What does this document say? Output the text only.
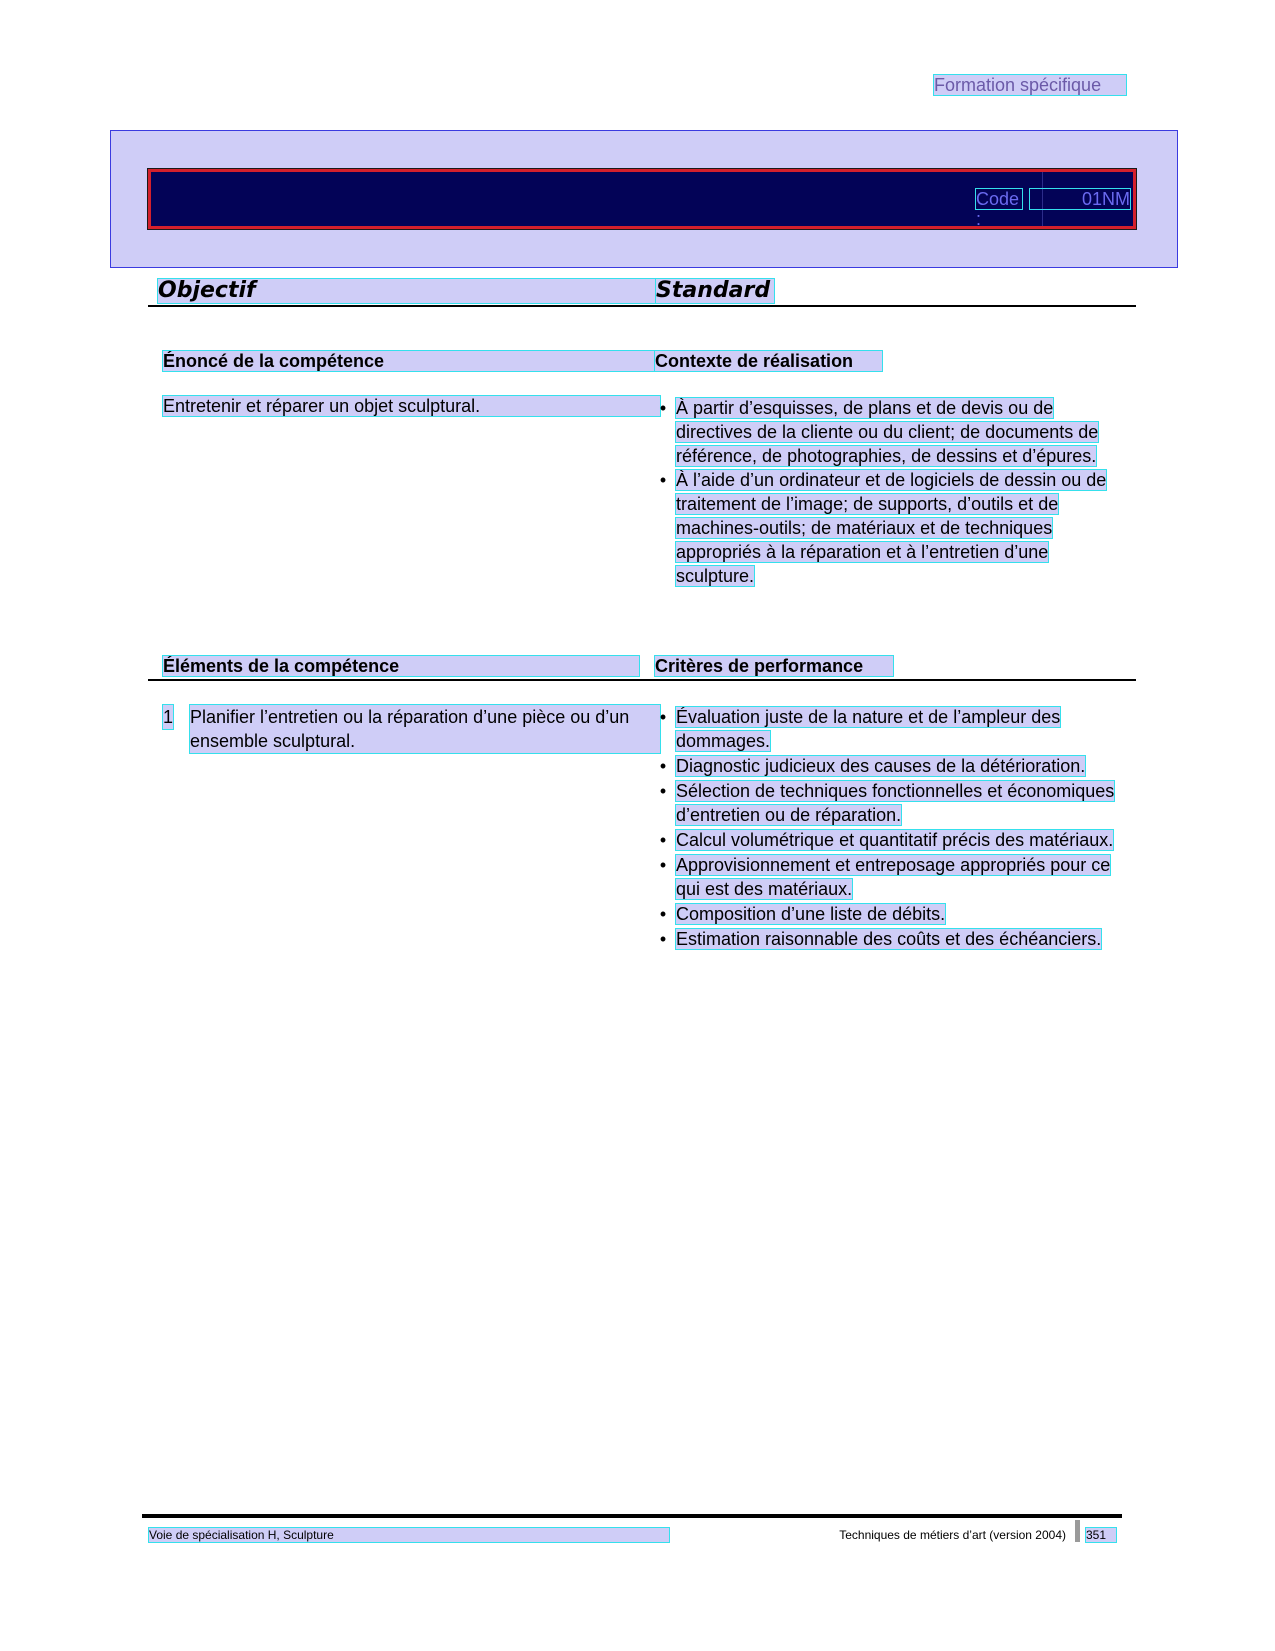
Formation spécifique
Code :
01NM
Objectif	Standard
Énoncé de la compétence	Contexte de réalisation
Entretenir et réparer un objet sculptural.	• À partir d’esquisses, de plans et de devis ou de directives de la cliente ou du client; de documents de référence, de photographies, de dessins et d’épures.
• À l’aide d’un ordinateur et de logiciels de dessin ou de traitement de l’image; de supports, d’outils et de machines-outils; de matériaux et de techniques appropriés à la réparation et à l’entretien d’une sculpture.
Éléments de la compétence	Critères de performance
1 Planifier l’entretien ou la réparation d’une pièce ou d’un ensemble sculptural.
• Évaluation juste de la nature et de l’ampleur des dommages.
• Diagnostic judicieux des causes de la détérioration.
• Sélection de techniques fonctionnelles et économiques d’entretien ou de réparation.
• Calcul volumétrique et quantitatif précis des matériaux.
• Approvisionnement et entreposage appropriés pour ce qui est des matériaux.
• Composition d’une liste de débits.
• Estimation raisonnable des coûts et des échéanciers.
Voie de spécialisation H, Sculpture	Techniques de métiers d’art (version 2004) 351
